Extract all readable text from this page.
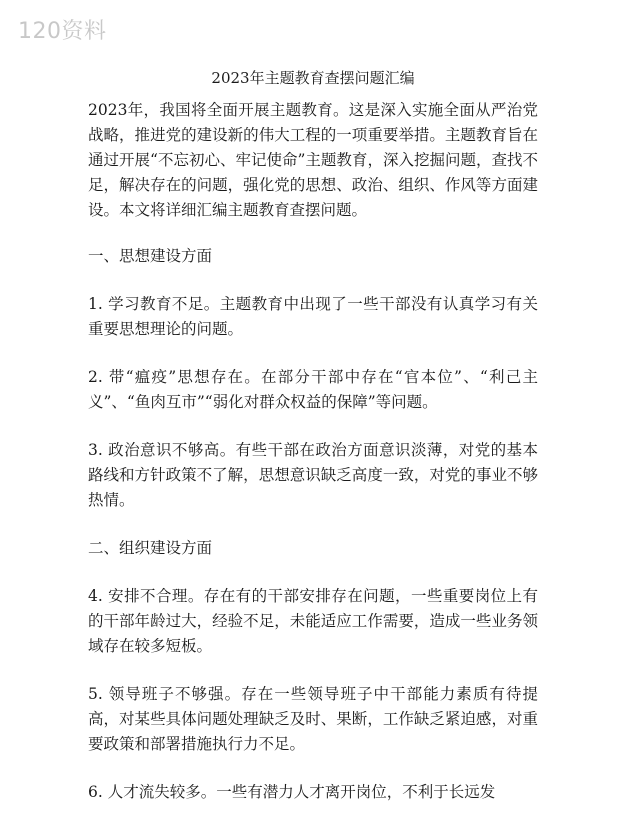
120资料
2023年主题教育查摆问题汇编

2023年，我国将全面开展主题教育。这是深入实施全面从严治党战略，推进党的建设新的伟大工程的一项重要举措。主题教育旨在通过开展“不忘初心、牢记使命”主题教育，深入挖掘问题，查找不足，解决存在的问题，强化党的思想、政治、组织、作风等方面建设。本文将详细汇编主题教育查摆问题。

一、思想建设方面

1. 学习教育不足。主题教育中出现了一些干部没有认真学习有关重要思想理论的问题。

2. 带“瘟疫”思想存在。在部分干部中存在“官本位”、“利己主义”、“鱼肉互市”“弱化对群众权益的保障”等问题。

3. 政治意识不够高。有些干部在政治方面意识淡薄，对党的基本路线和方针政策不了解，思想意识缺乏高度一致，对党的事业不够热情。

二、组织建设方面

4. 安排不合理。存在有的干部安排存在问题，一些重要岗位上有的干部年龄过大，经验不足，未能适应工作需要，造成一些业务领域存在较多短板。

5. 领导班子不够强。存在一些领导班子中干部能力素质有待提高，对某些具体问题处理缺乏及时、果断，工作缺乏紧迫感，对重要政策和部署措施执行力不足。

6. 人才流失较多。一些有潜力人才离开岗位，不利于长远发
